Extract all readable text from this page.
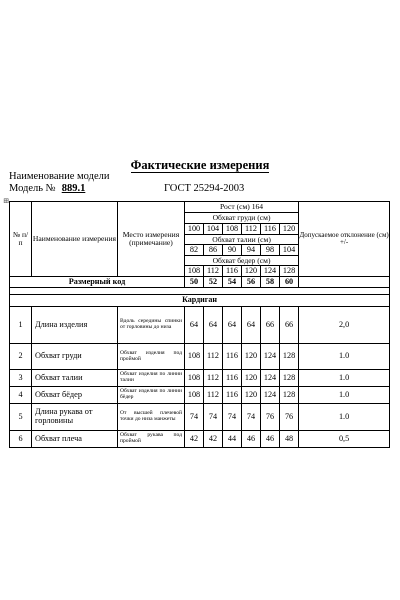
Фактические измерения
Наименование модели
Модель № 889.1	ГОСТ 25294-2003
⊞
№ п/ п	Наименование измерения	Место измерения (примечание)	Рост (см) 164						Допускаемое отклонение (см) +/-
			Обхват груди (см)						
			100	104	108	112	116	120	
			Обхват талии (см)						
			82	86	90	94	98	104	
			Обхват бедер (см)						

			108	112	116	120	124	128	
Размерный код			50	52	54	56	58	60	

Кардиган									
1	Длина изделия	Вдоль середины спинки от горловины до низа	64	64	64	64	66	66	2,0
2	Обхват груди	Обхват изделия под проймой	108	112	116	120	124	128	1.0
3	Обхват талии	Обхват изделия по линии талии	108	112	116	120	124	128	1.0
4	Обхват бёдер	Обхват изделия по линии бёдер	108	112	116	120	124	128	1.0
5	Длина рукава от горловины	От высшей плечевой точки до низа манжеты	74	74	74	74	76	76	1.0
6	Обхват плеча	Обхват рукава под проймой	42	42	44	46	46	48	0,5
